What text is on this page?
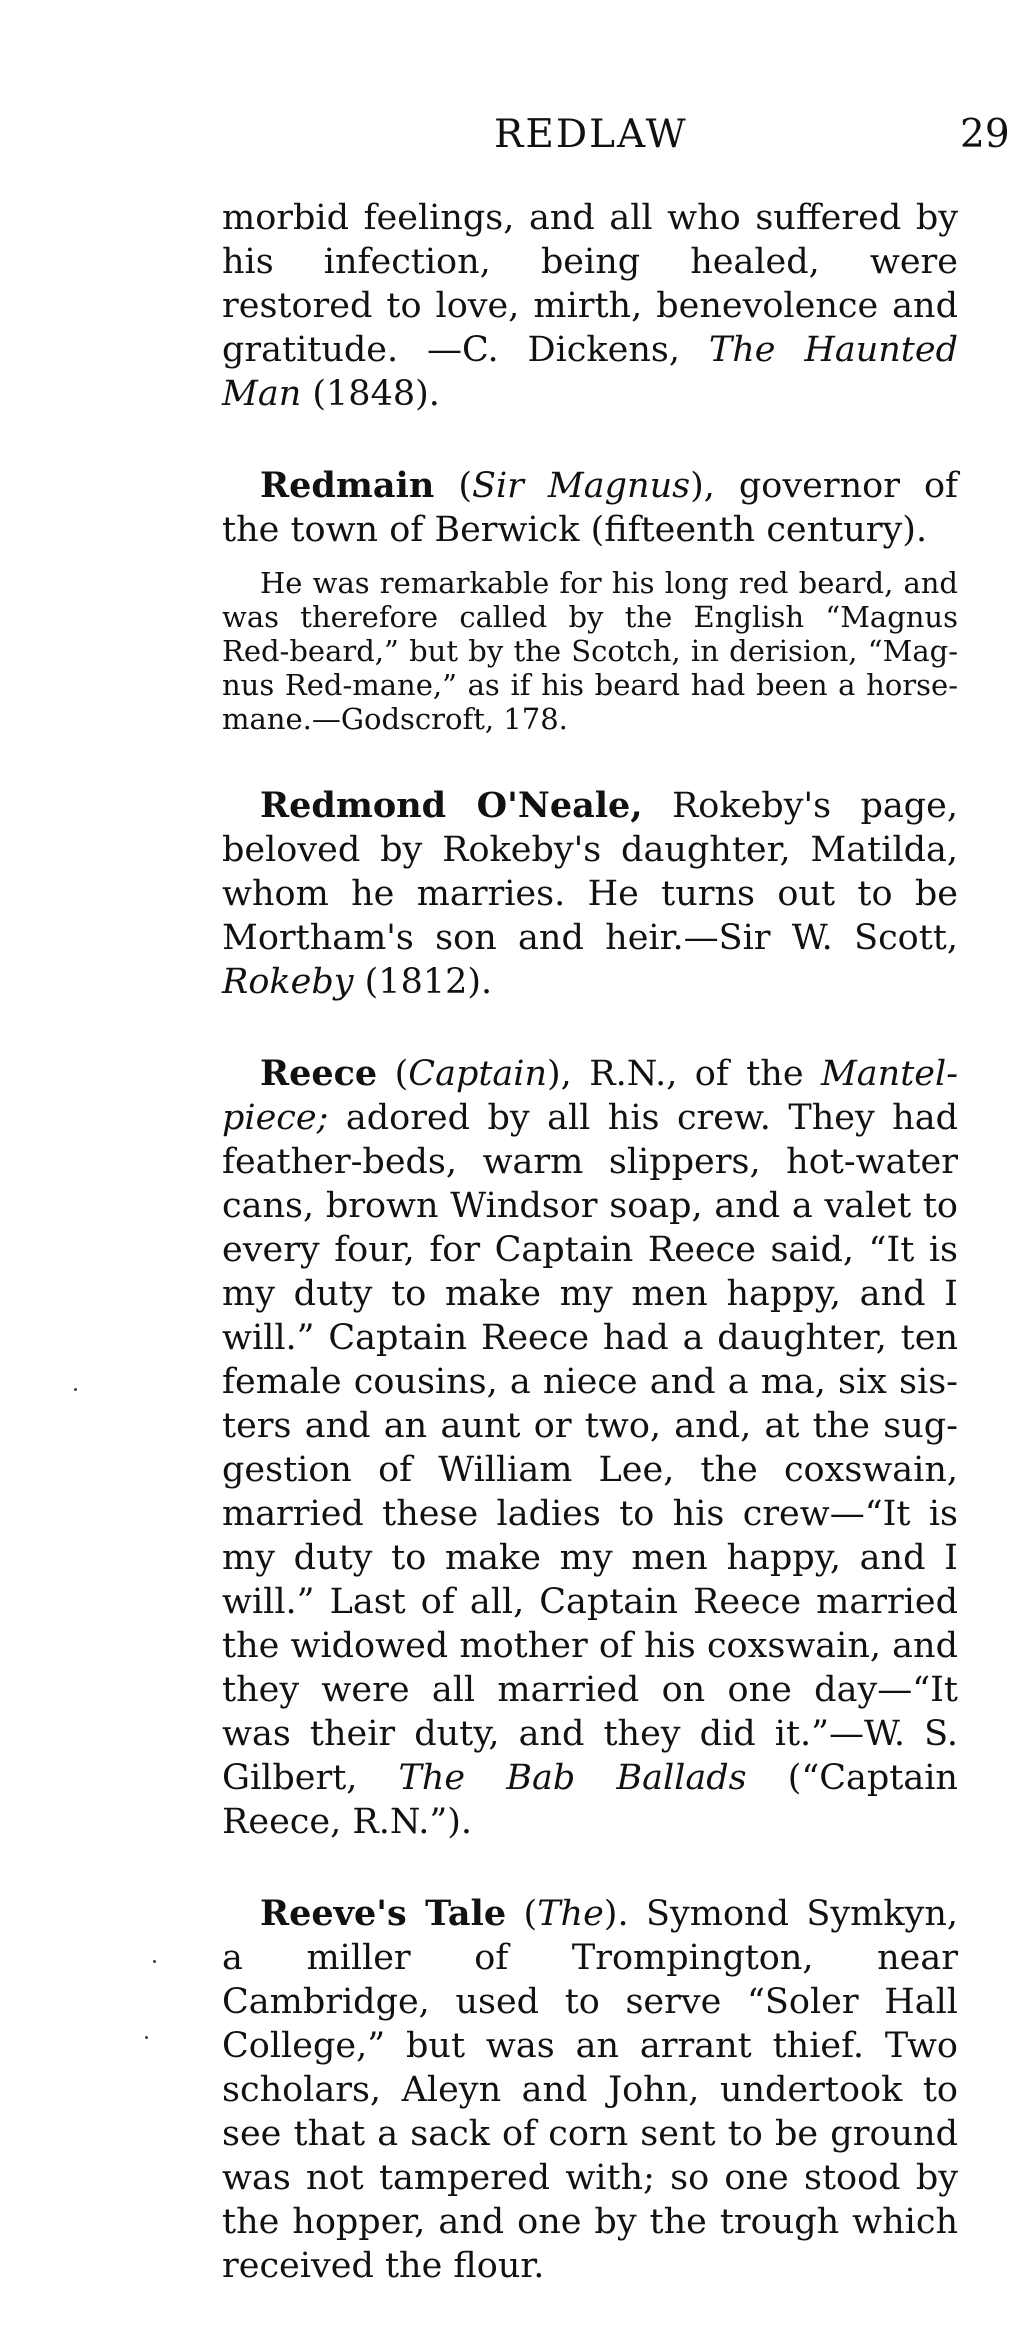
REDLAW	29

morbid feelings, and all who suffered by his infection, being healed, were restored to love, mirth, benevolence and gratitude. —C. Dickens, The Haunted Man (1848).

Redmain (Sir Magnus), governor of the town of Berwick (fifteenth century).

He was remarkable for his long red beard, and was therefore called by the English “Magnus Red-beard,” but by the Scotch, in derision, “Magnus Red-mane,” as if his beard had been a horsemane.—Godscroft, 178.

Redmond O'Neale, Rokeby's page, beloved by Rokeby's daughter, Matilda, whom he marries. He turns out to be Mortham's son and heir.—Sir W. Scott, Rokeby (1812).

Reece (Captain), R.N., of the Mantelpiece; adored by all his crew. They had feather-beds, warm slippers, hot-water cans, brown Windsor soap, and a valet to every four, for Captain Reece said, “It is my duty to make my men happy, and I will.” Captain Reece had a daughter, ten female cousins, a niece and a ma, six sisters and an aunt or two, and, at the suggestion of William Lee, the coxswain, married these ladies to his crew—“It is my duty to make my men happy, and I will.” Last of all, Captain Reece married the widowed mother of his coxswain, and they were all married on one day—“It was their duty, and they did it.”—W. S. Gilbert, The Bab Ballads (“Captain Reece, R.N.”).

Reeve's Tale (The). Symond Symkyn, a miller of Trompington, near Cambridge, used to serve “Soler Hall College,” but was an arrant thief. Two scholars, Aleyn and John, undertook to see that a sack of corn sent to be ground was not tampered with; so one stood by the hopper, and one by the trough which received the flour.
